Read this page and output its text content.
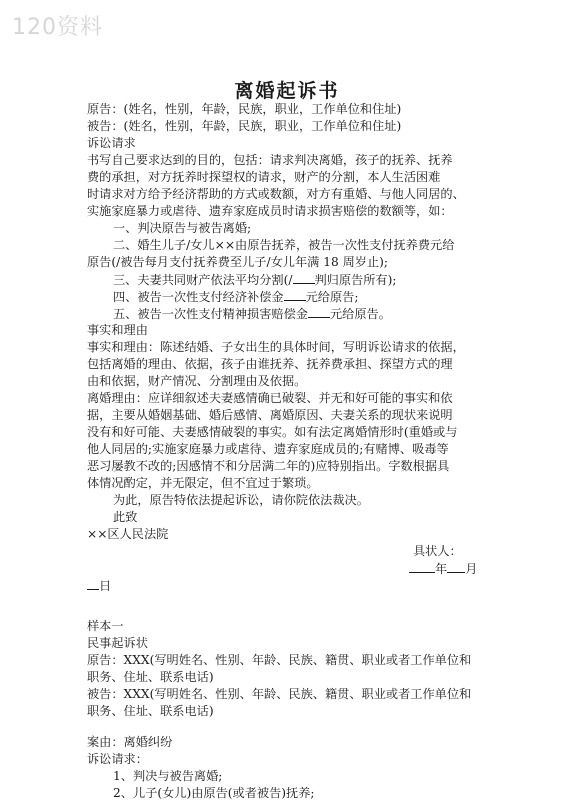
120资料
离婚起诉书
原告：(姓名，性别，年龄，民族，职业，工作单位和住址)
被告：(姓名，性别，年龄，民族，职业，工作单位和住址)
诉讼请求
书写自己要求达到的目的，包括：请求判决离婚，孩子的抚养、抚养
费的承担，对方抚养时探望权的请求，财产的分割，本人生活困难
时请求对方给予经济帮助的方式或数额，对方有重婚、与他人同居的、
实施家庭暴力或虐待、遗弃家庭成员时请求损害赔偿的数额等，如：
一、判决原告与被告离婚;
二、婚生儿子/女儿××由原告抚养，被告一次性支付抚养费元给
原告(/被告每月支付抚养费至儿子/女儿年满 18 周岁止);
三、夫妻共同财产依法平均分割(/ 判归原告所有);
四、被告一次性支付经济补偿金 元给原告;
五、被告一次性支付精神损害赔偿金 元给原告。
事实和理由
事实和理由：陈述结婚、子女出生的具体时间，写明诉讼请求的依据，
包括离婚的理由、依据，孩子由谁抚养、抚养费承担、探望方式的理
由和依据，财产情况、分割理由及依据。
离婚理由：应详细叙述夫妻感情确已破裂、并无和好可能的事实和依
据，主要从婚姻基础、婚后感情、离婚原因、夫妻关系的现状来说明
没有和好可能、夫妻感情破裂的事实。如有法定离婚情形时(重婚或与
他人同居的;实施家庭暴力或虐待、遗弃家庭成员的;有赌博、吸毒等
恶习屡教不改的;因感情不和分居满二年的)应特别指出。字数根据具
体情况酌定，并无限定，但不宜过于繁琐。
为此，原告特依法提起诉讼，请你院依法裁决。
此致
××区人民法院
具状人：
年 月
日
样本一
民事起诉状
原告：XXX(写明姓名、性别、年龄、民族、籍贯、职业或者工作单位和
职务、住址、联系电话)
被告：XXX(写明姓名、性别、年龄、民族、籍贯、职业或者工作单位和
职务、住址、联系电话)
案由：离婚纠纷
诉讼请求：
1、判决与被告离婚;
2、儿子(女儿)由原告(或者被告)抚养;
